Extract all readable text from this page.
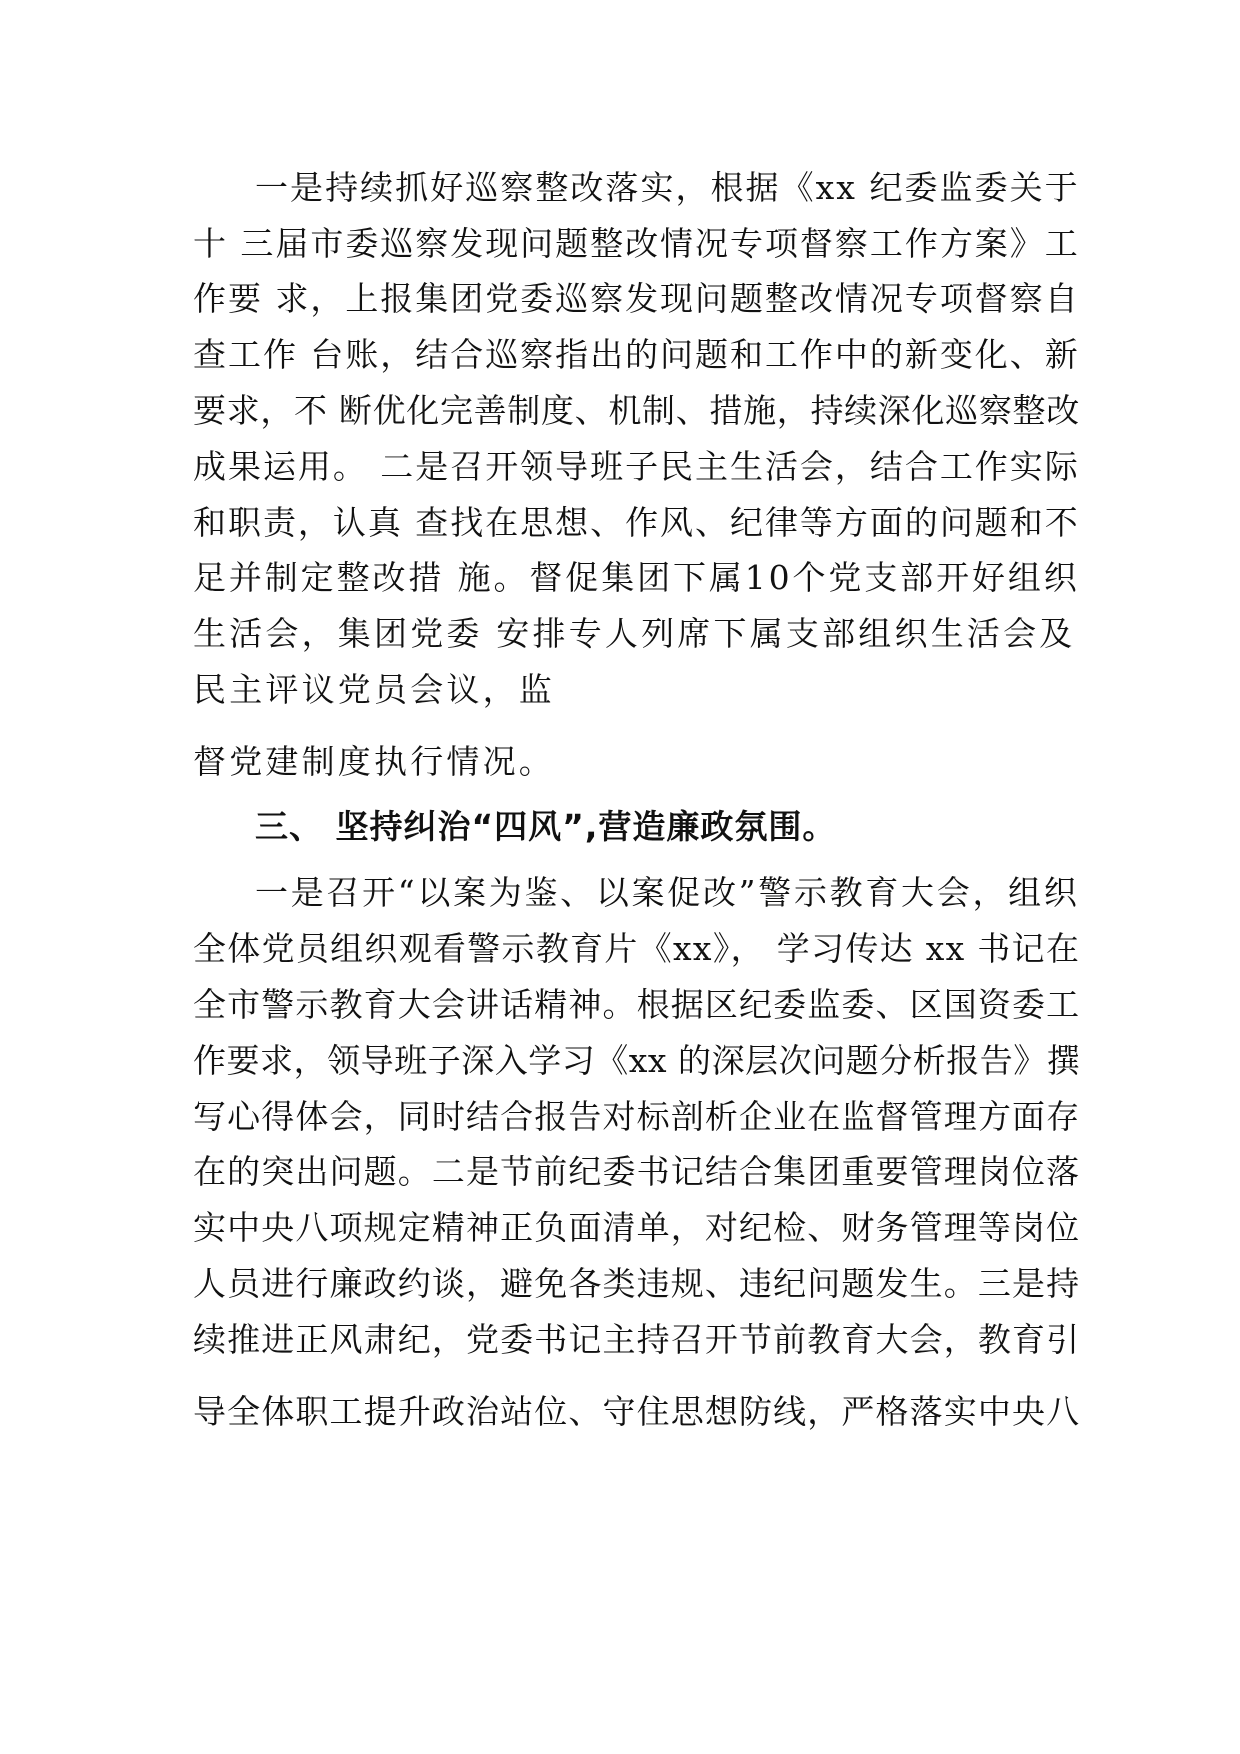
一是持续抓好巡察整改落实，根据《xx 纪委监委关于
十 三届市委巡察发现问题整改情况专项督察工作方案》工
作要 求，上报集团党委巡察发现问题整改情况专项督察自
查工作 台账，结合巡察指出的问题和工作中的新变化、新
要求，不 断优化完善制度、机制、措施，持续深化巡察整改
成果运用。 二是召开领导班子民主生活会，结合工作实际
和职责，认真 查找在思想、作风、纪律等方面的问题和不
足并制定整改措 施。督促集团下属10个党支部开好组织
生活会，集团党委 安排专人列席下属支部组织生活会及
民主评议党员会议，监
督党建制度执行情况。
三、 坚持纠治“四风”,营造廉政氛围。
一是召开“以案为鉴、以案促改”警示教育大会，组织
全体党员组织观看警示教育片《xx》， 学习传达 xx 书记在
全市警示教育大会讲话精神。根据区纪委监委、区国资委工
作要求，领导班子深入学习《xx 的深层次问题分析报告》撰
写心得体会，同时结合报告对标剖析企业在监督管理方面存
在的突出问题。二是节前纪委书记结合集团重要管理岗位落
实中央八项规定精神正负面清单，对纪检、财务管理等岗位
人员进行廉政约谈，避免各类违规、违纪问题发生。三是持
续推进正风肃纪，党委书记主持召开节前教育大会，教育引
导全体职工提升政治站位、守住思想防线，严格落实中央八
